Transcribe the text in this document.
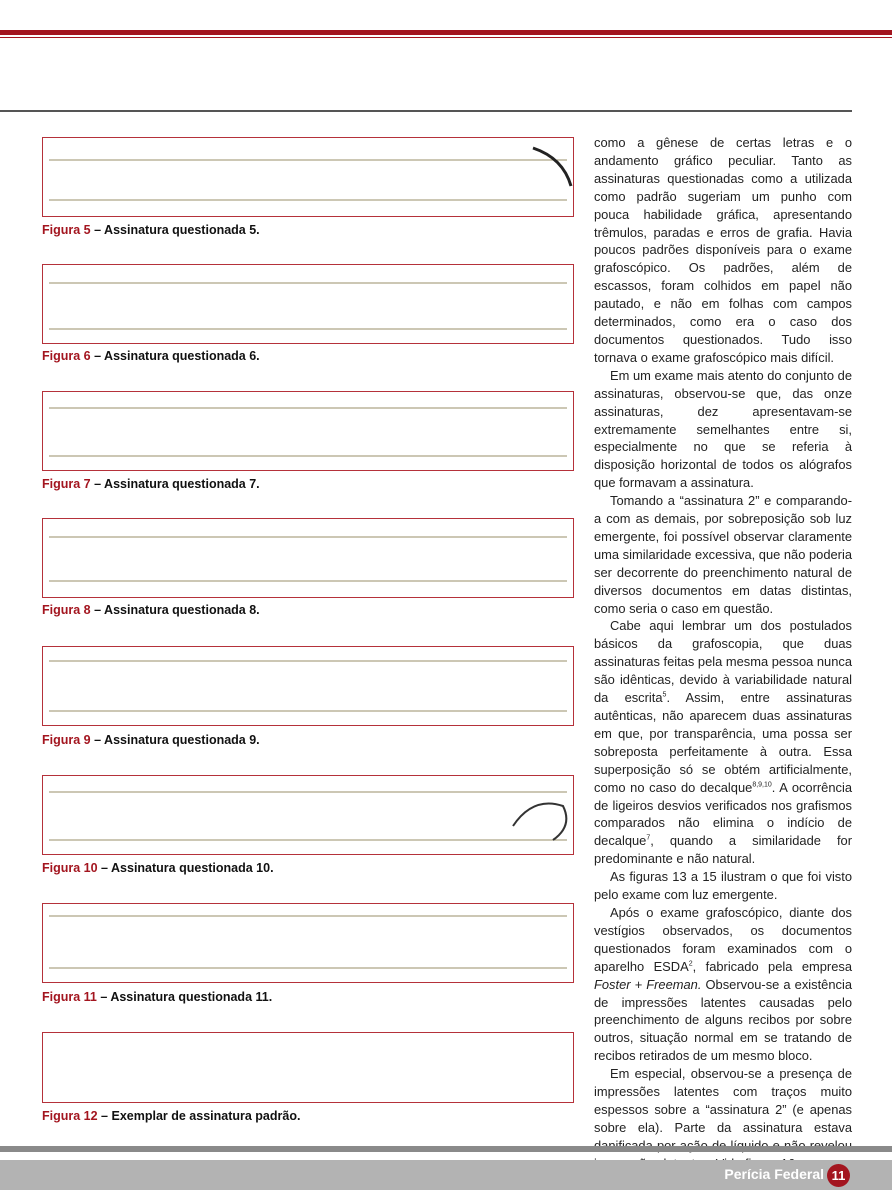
LORENÇO Almeida da Silva
Figura 5 – Assinatura questionada 5.
LORENÇO Almeida da Silva
Figura 6 – Assinatura questionada 6.
LORENÇO Almeida da Silva
Figura 7 – Assinatura questionada 7.
LORENÇO Almeida da Silva
Figura 8 – Assinatura questionada 8.
LORENÇO Almeida da Silva
Figura 9 – Assinatura questionada 9.
LORENÇO Almeida da Silva
Figura 10 – Assinatura questionada 10.
LORENÇO Almeida da Silva
Figura 11 – Assinatura questionada 11.
LORENÇO Almeida da Silva
Figura 12 – Exemplar de assinatura padrão.

como a gênese de certas letras e o andamento gráfico peculiar. Tanto as assinaturas questionadas como a utilizada como padrão sugeriam um punho com pouca habilidade gráfica, apresentando trêmulos, paradas e erros de grafia. Havia poucos padrões disponíveis para o exame grafoscópico. Os padrões, além de escassos, foram colhidos em papel não pautado, e não em folhas com campos determinados, como era o caso dos documentos questionados. Tudo isso tornava o exame grafoscópico mais difícil.

Em um exame mais atento do conjunto de assinaturas, observou-se que, das onze assinaturas, dez apresentavam-se extremamente semelhantes entre si, especialmente no que se referia à disposição horizontal de todos os alógrafos que formavam a assinatura.

Tomando a “assinatura 2” e comparando-a com as demais, por sobreposição sob luz emergente, foi possível observar claramente uma similaridade excessiva, que não poderia ser decorrente do preenchimento natural de diversos documentos em datas distintas, como seria o caso em questão.

Cabe aqui lembrar um dos postulados básicos da grafoscopia, que duas assinaturas feitas pela mesma pessoa nunca são idênticas, devido à variabilidade natural da escrita$^5$. Assim, entre assinaturas autênticas, não aparecem duas assinaturas em que, por transparência, uma possa ser sobreposta perfeitamente à outra. Essa superposição só se obtém artificialmente, como no caso do decalque$^{8,9,10}$. A ocorrência de ligeiros desvios verificados nos grafismos comparados não elimina o indício de decalque$^7$, quando a similaridade for predominante e não natural.

As figuras 13 a 15 ilustram o que foi visto pelo exame com luz emergente.

Após o exame grafoscópico, diante dos vestígios observados, os documentos questionados foram examinados com o aparelho ESDA$^2$, fabricado pela empresa Foster + Freeman. Observou-se a existência de impressões latentes causadas pelo preenchimento de alguns recibos por sobre outros, situação normal em se tratando de recibos retirados de um mesmo bloco.

Em especial, observou-se a presença de impressões latentes com traços muito espessos sobre a “assinatura 2” (e apenas sobre ela). Parte da assinatura estava

Perícia Federal 11
